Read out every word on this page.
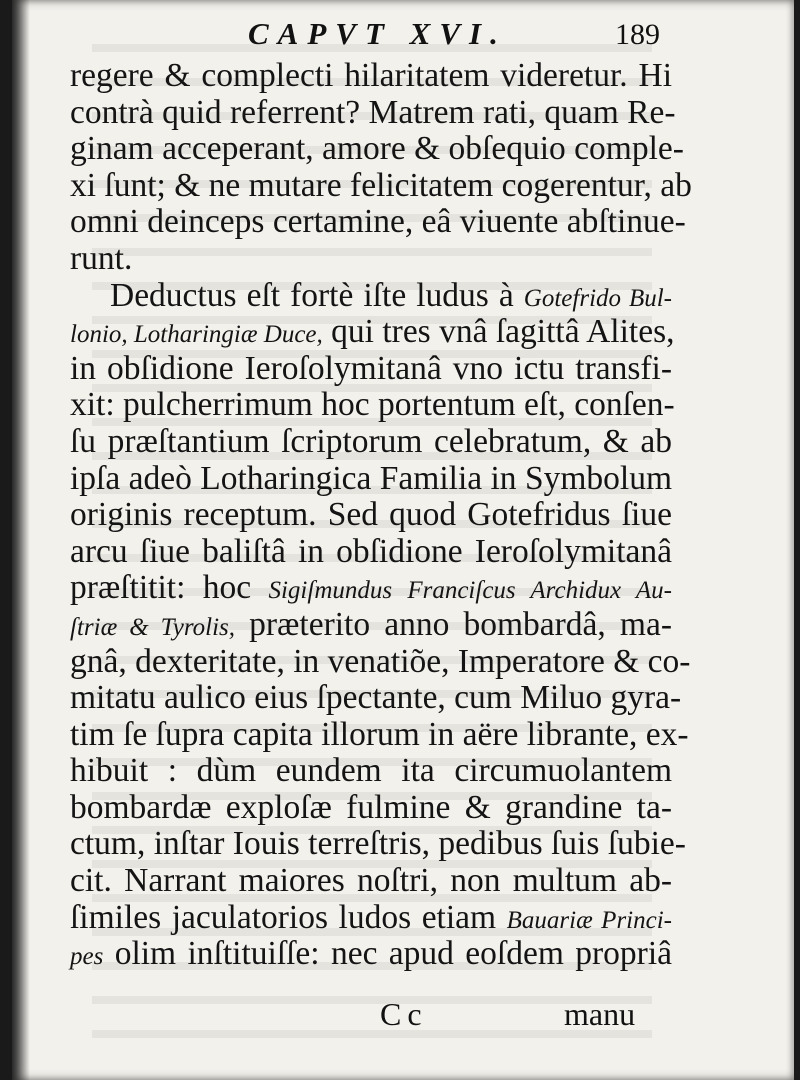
CAPVT XVI.	189
regere & complecti hilaritatem videretur. Hi
contrà quid referrent? Matrem rati, quam Re-
ginam acceperant, amore & obſequio comple-
xi ſunt; & ne mutare felicitatem cogerentur, ab
omni deinceps certamine, eâ viuente abſtinue-
runt.
Deductus eſt fortè iſte ludus à Gotefrido Bul-
lonio, Lotharingiæ Duce, qui tres vnâ ſagittâ Alites,
in obſidione Ieroſolymitanâ vno ictu transfi-
xit: pulcherrimum hoc portentum eſt, conſen-
ſu præſtantium ſcriptorum celebratum, & ab
ipſa adeò Lotharingica Familia in Symbolum
originis receptum. Sed quod Gotefridus ſiue
arcu ſiue baliſtâ in obſidione Ieroſolymitanâ
præſtitit: hoc Sigiſmundus Franciſcus Archidux Au-
ſtriæ & Tyrolis, præterito anno bombardâ, ma-
gnâ, dexteritate, in venatiõe, Imperatore & co-
mitatu aulico eius ſpectante, cum Miluo gyra-
tim ſe ſupra capita illorum in aëre librante, ex-
hibuit : dùm eundem ita circumuolantem
bombardæ exploſæ fulmine & grandine ta-
ctum, inſtar Iouis terreſtris, pedibus ſuis ſubie-
cit. Narrant maiores noſtri, non multum ab-
ſimiles jaculatorios ludos etiam Bauariæ Princi-
pes olim inſtituiſſe: nec apud eoſdem propriâ
Cc	manu
